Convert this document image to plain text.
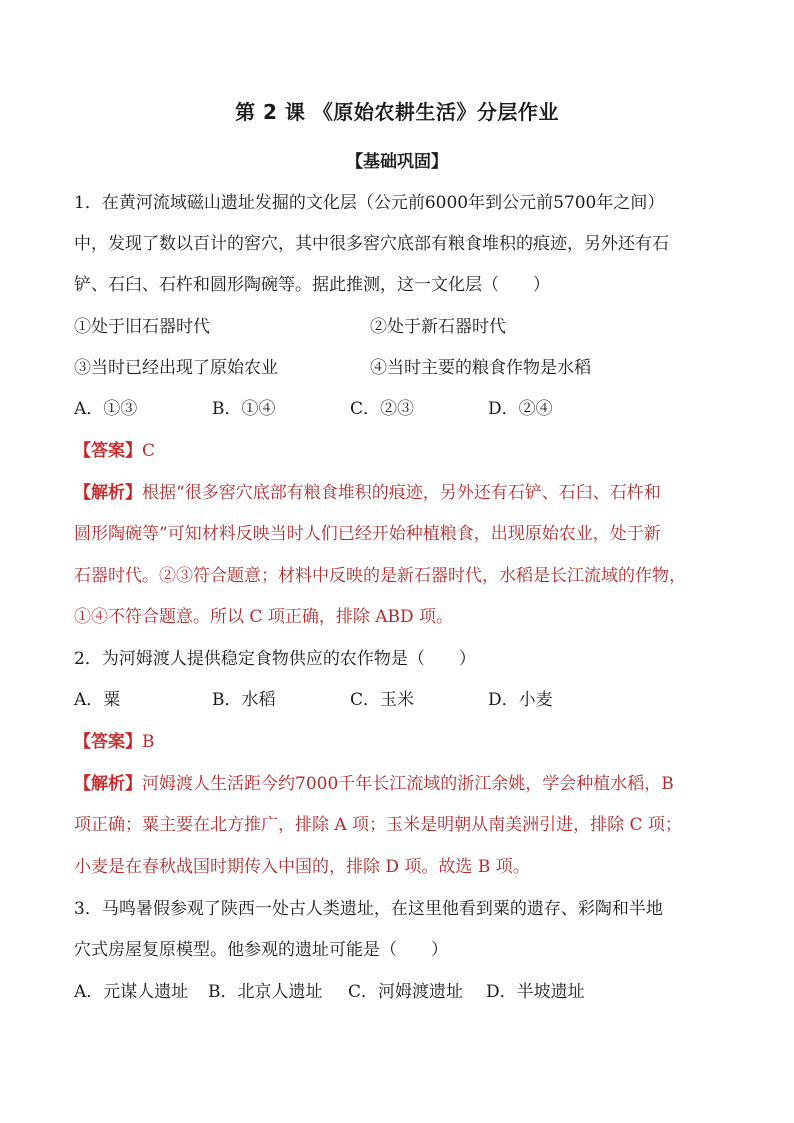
第 2 课 《原始农耕生活》分层作业
【基础巩固】
1．在黄河流域磁山遗址发掘的文化层（公元前6000年到公元前5700年之间）
中，发现了数以百计的窖穴，其中很多窖穴底部有粮食堆积的痕迹，另外还有石
铲、石臼、石杵和圆形陶碗等。据此推测，这一文化层（　　）
①处于旧石器时代	②处于新石器时代
③当时已经出现了原始农业	④当时主要的粮食作物是水稻
A．①③	B．①④	C．②③	D．②④
【答案】C
【解析】根据“很多窖穴底部有粮食堆积的痕迹，另外还有石铲、石臼、石杵和
圆形陶碗等”可知材料反映当时人们已经开始种植粮食，出现原始农业，处于新
石器时代。②③符合题意；材料中反映的是新石器时代，水稻是长江流域的作物，
①④不符合题意。所以 C 项正确，排除 ABD 项。
2．为河姆渡人提供稳定食物供应的农作物是（　　）
A．粟	B．水稻	C．玉米	D．小麦
【答案】B
【解析】河姆渡人生活距今约7000千年长江流域的浙江余姚，学会种植水稻，B
项正确；粟主要在北方推广，排除 A 项；玉米是明朝从南美洲引进，排除 C 项；
小麦是在春秋战国时期传入中国的，排除 D 项。故选 B 项。
3．马鸣暑假参观了陕西一处古人类遗址，在这里他看到粟的遗存、彩陶和半地
穴式房屋复原模型。他参观的遗址可能是（　　）
A．元谋人遗址 B．北京人遗址 C．河姆渡遗址 D．半坡遗址
